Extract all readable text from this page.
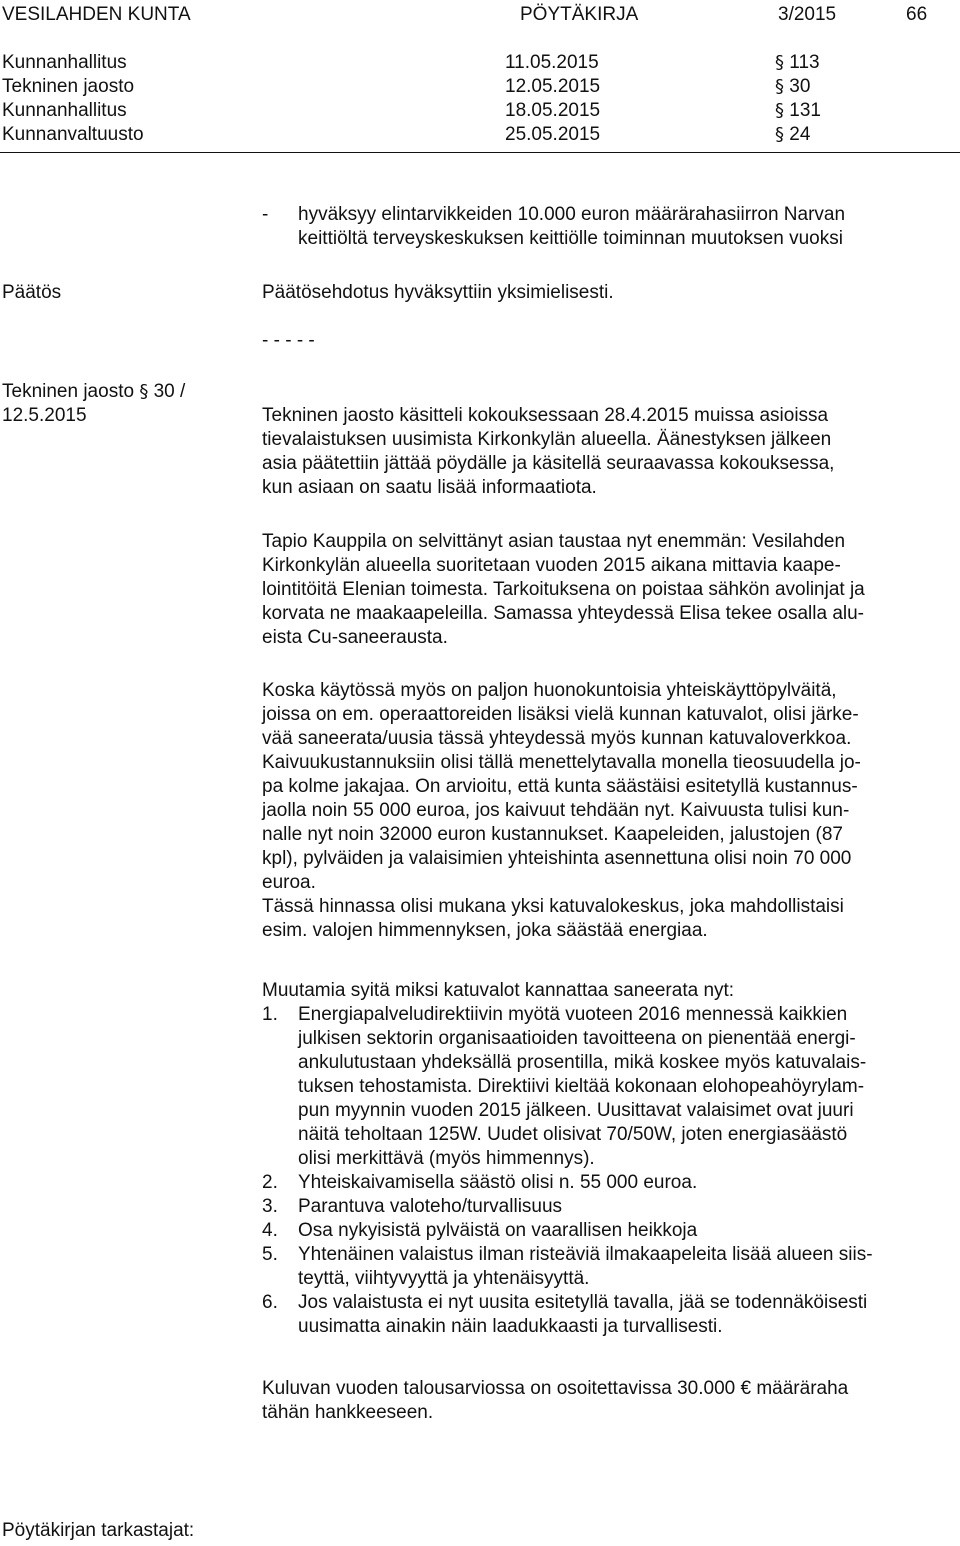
VESILAHDEN KUNTA	PÖYTÄKIRJA	3/2015	66
Kunnanhallitus	11.05.2015	§ 113
Tekninen jaosto	12.05.2015	§ 30
Kunnanhallitus	18.05.2015	§ 131
Kunnanvaltuusto	25.05.2015	§ 24
- hyväksyy elintarvikkeiden 10.000 euron määrärahasiirron Narvan
keittiöltä terveyskeskuksen keittiölle toiminnan muutoksen vuoksi
Päätös	Päätösehdotus hyväksyttiin yksimielisesti.
- - - - -
Tekninen jaosto § 30 /
12.5.2015	Tekninen jaosto käsitteli kokouksessaan 28.4.2015 muissa asioissa
tievalaistuksen uusimista Kirkonkylän alueella. Äänestyksen jälkeen
asia päätettiin jättää pöydälle ja käsitellä seuraavassa kokouksessa,
kun asiaan on saatu lisää informaatiota.
Tapio Kauppila on selvittänyt asian taustaa nyt enemmän: Vesilahden
Kirkonkylän alueella suoritetaan vuoden 2015 aikana mittavia kaape-
lointitöitä Elenian toimesta. Tarkoituksena on poistaa sähkön avolinjat ja
korvata ne maakaapeleilla. Samassa yhteydessä Elisa tekee osalla alu-
eista Cu-saneerausta.
Koska käytössä myös on paljon huonokuntoisia yhteiskäyttöpylväitä,
joissa on em. operaattoreiden lisäksi vielä kunnan katuvalot, olisi järke-
vää saneerata/uusia tässä yhteydessä myös kunnan katuvaloverkkoa.
Kaivuukustannuksiin olisi tällä menettelytavalla monella tieosuudella jo-
pa kolme jakajaa. On arvioitu, että kunta säästäisi esitetyllä kustannus-
jaolla noin 55 000 euroa, jos kaivuut tehdään nyt. Kaivuusta tulisi kun-
nalle nyt noin 32000 euron kustannukset. Kaapeleiden, jalustojen (87
kpl), pylväiden ja valaisimien yhteishinta asennettuna olisi noin 70 000
euroa.
Tässä hinnassa olisi mukana yksi katuvalokeskus, joka mahdollistaisi
esim. valojen himmennyksen, joka säästää energiaa.
Muutamia syitä miksi katuvalot kannattaa saneerata nyt:
1. Energiapalveludirektiivin myötä vuoteen 2016 mennessä kaikkien
julkisen sektorin organisaatioiden tavoitteena on pienentää energi-
ankulutustaan yhdeksällä prosentilla, mikä koskee myös katuvalais-
tuksen tehostamista. Direktiivi kieltää kokonaan elohopeahöyrylam-
pun myynnin vuoden 2015 jälkeen. Uusittavat valaisimet ovat juuri
näitä teholtaan 125W. Uudet olisivat 70/50W, joten energiasäästö
olisi merkittävä (myös himmennys).
2. Yhteiskaivamisella säästö olisi n. 55 000 euroa.
3. Parantuva valoteho/turvallisuus
4. Osa nykyisistä pylväistä on vaarallisen heikkoja
5. Yhtenäinen valaistus ilman risteäviä ilmakaapeleita lisää alueen siis-
teyttä, viihtyvyyttä ja yhtenäisyyttä.
6. Jos valaistusta ei nyt uusita esitetyllä tavalla, jää se todennäköisesti
uusimatta ainakin näin laadukkaasti ja turvallisesti.
Kuluvan vuoden talousarviossa on osoitettavissa 30.000 € määräraha
tähän hankkeeseen.
Pöytäkirjan tarkastajat:
